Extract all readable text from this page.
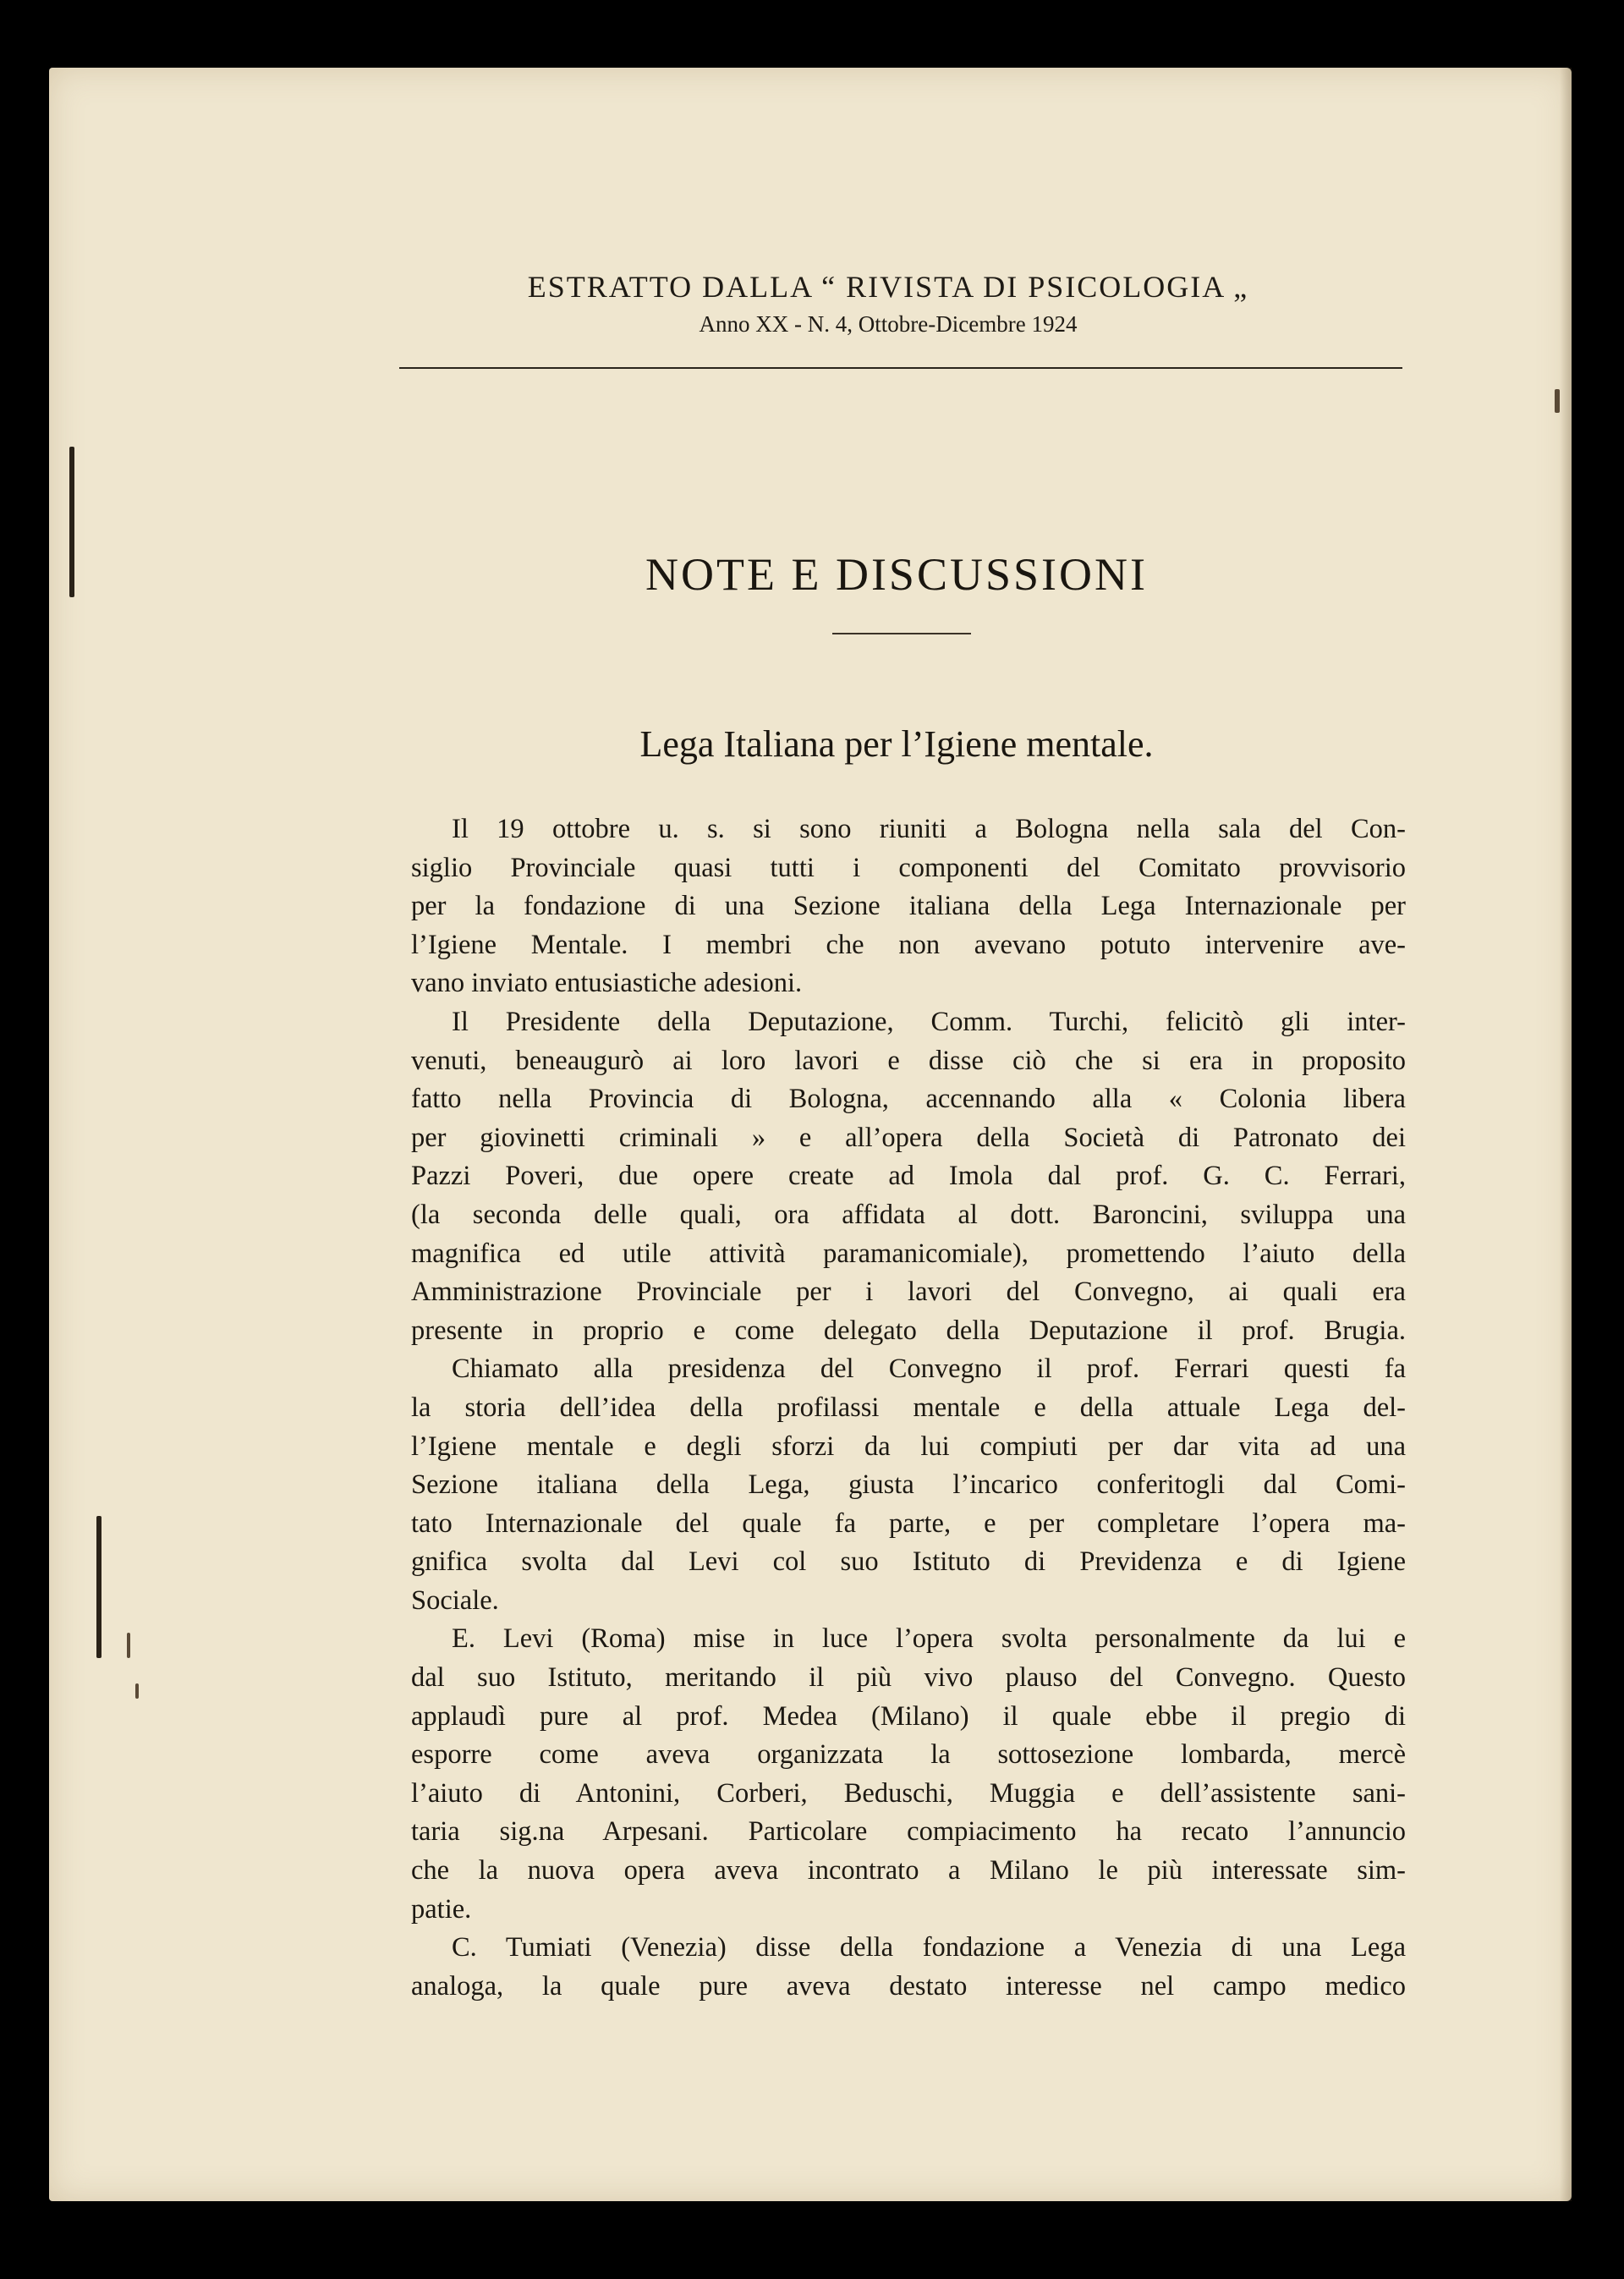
ESTRATTO DALLA “ RIVISTA DI PSICOLOGIA „
Anno XX - N. 4, Ottobre-Dicembre 1924
NOTE E DISCUSSIONI
Lega Italiana per l’Igiene mentale.
Il 19 ottobre u. s. si sono riuniti a Bologna nella sala del Con-
siglio Provinciale quasi tutti i componenti del Comitato provvisorio
per la fondazione di una Sezione italiana della Lega Internazionale per
l’Igiene Mentale. I membri che non avevano potuto intervenire ave-
vano inviato entusiastiche adesioni.
Il Presidente della Deputazione, Comm. Turchi, felicitò gli inter-
venuti, beneaugurò ai loro lavori e disse ciò che si era in proposito
fatto nella Provincia di Bologna, accennando alla « Colonia libera
per giovinetti criminali » e all’opera della Società di Patronato dei
Pazzi Poveri, due opere create ad Imola dal prof. G. C. Ferrari,
(la seconda delle quali, ora affidata al dott. Baroncini, sviluppa una
magnifica ed utile attività paramanicomiale), promettendo l’aiuto della
Amministrazione Provinciale per i lavori del Convegno, ai quali era
presente in proprio e come delegato della Deputazione il prof. Brugia.
Chiamato alla presidenza del Convegno il prof. Ferrari questi fa
la storia dell’idea della profilassi mentale e della attuale Lega del-
l’Igiene mentale e degli sforzi da lui compiuti per dar vita ad una
Sezione italiana della Lega, giusta l’incarico conferitogli dal Comi-
tato Internazionale del quale fa parte, e per completare l’opera ma-
gnifica svolta dal Levi col suo Istituto di Previdenza e di Igiene
Sociale.
E. Levi (Roma) mise in luce l’opera svolta personalmente da lui e
dal suo Istituto, meritando il più vivo plauso del Convegno. Questo
applaudì pure al prof. Medea (Milano) il quale ebbe il pregio di
esporre come aveva organizzata la sottosezione lombarda, mercè
l’aiuto di Antonini, Corberi, Beduschi, Muggia e dell’assistente sani-
taria sig.na Arpesani. Particolare compiacimento ha recato l’annuncio
che la nuova opera aveva incontrato a Milano le più interessate sim-
patie.
C. Tumiati (Venezia) disse della fondazione a Venezia di una Lega
analoga, la quale pure aveva destato interesse nel campo medico
